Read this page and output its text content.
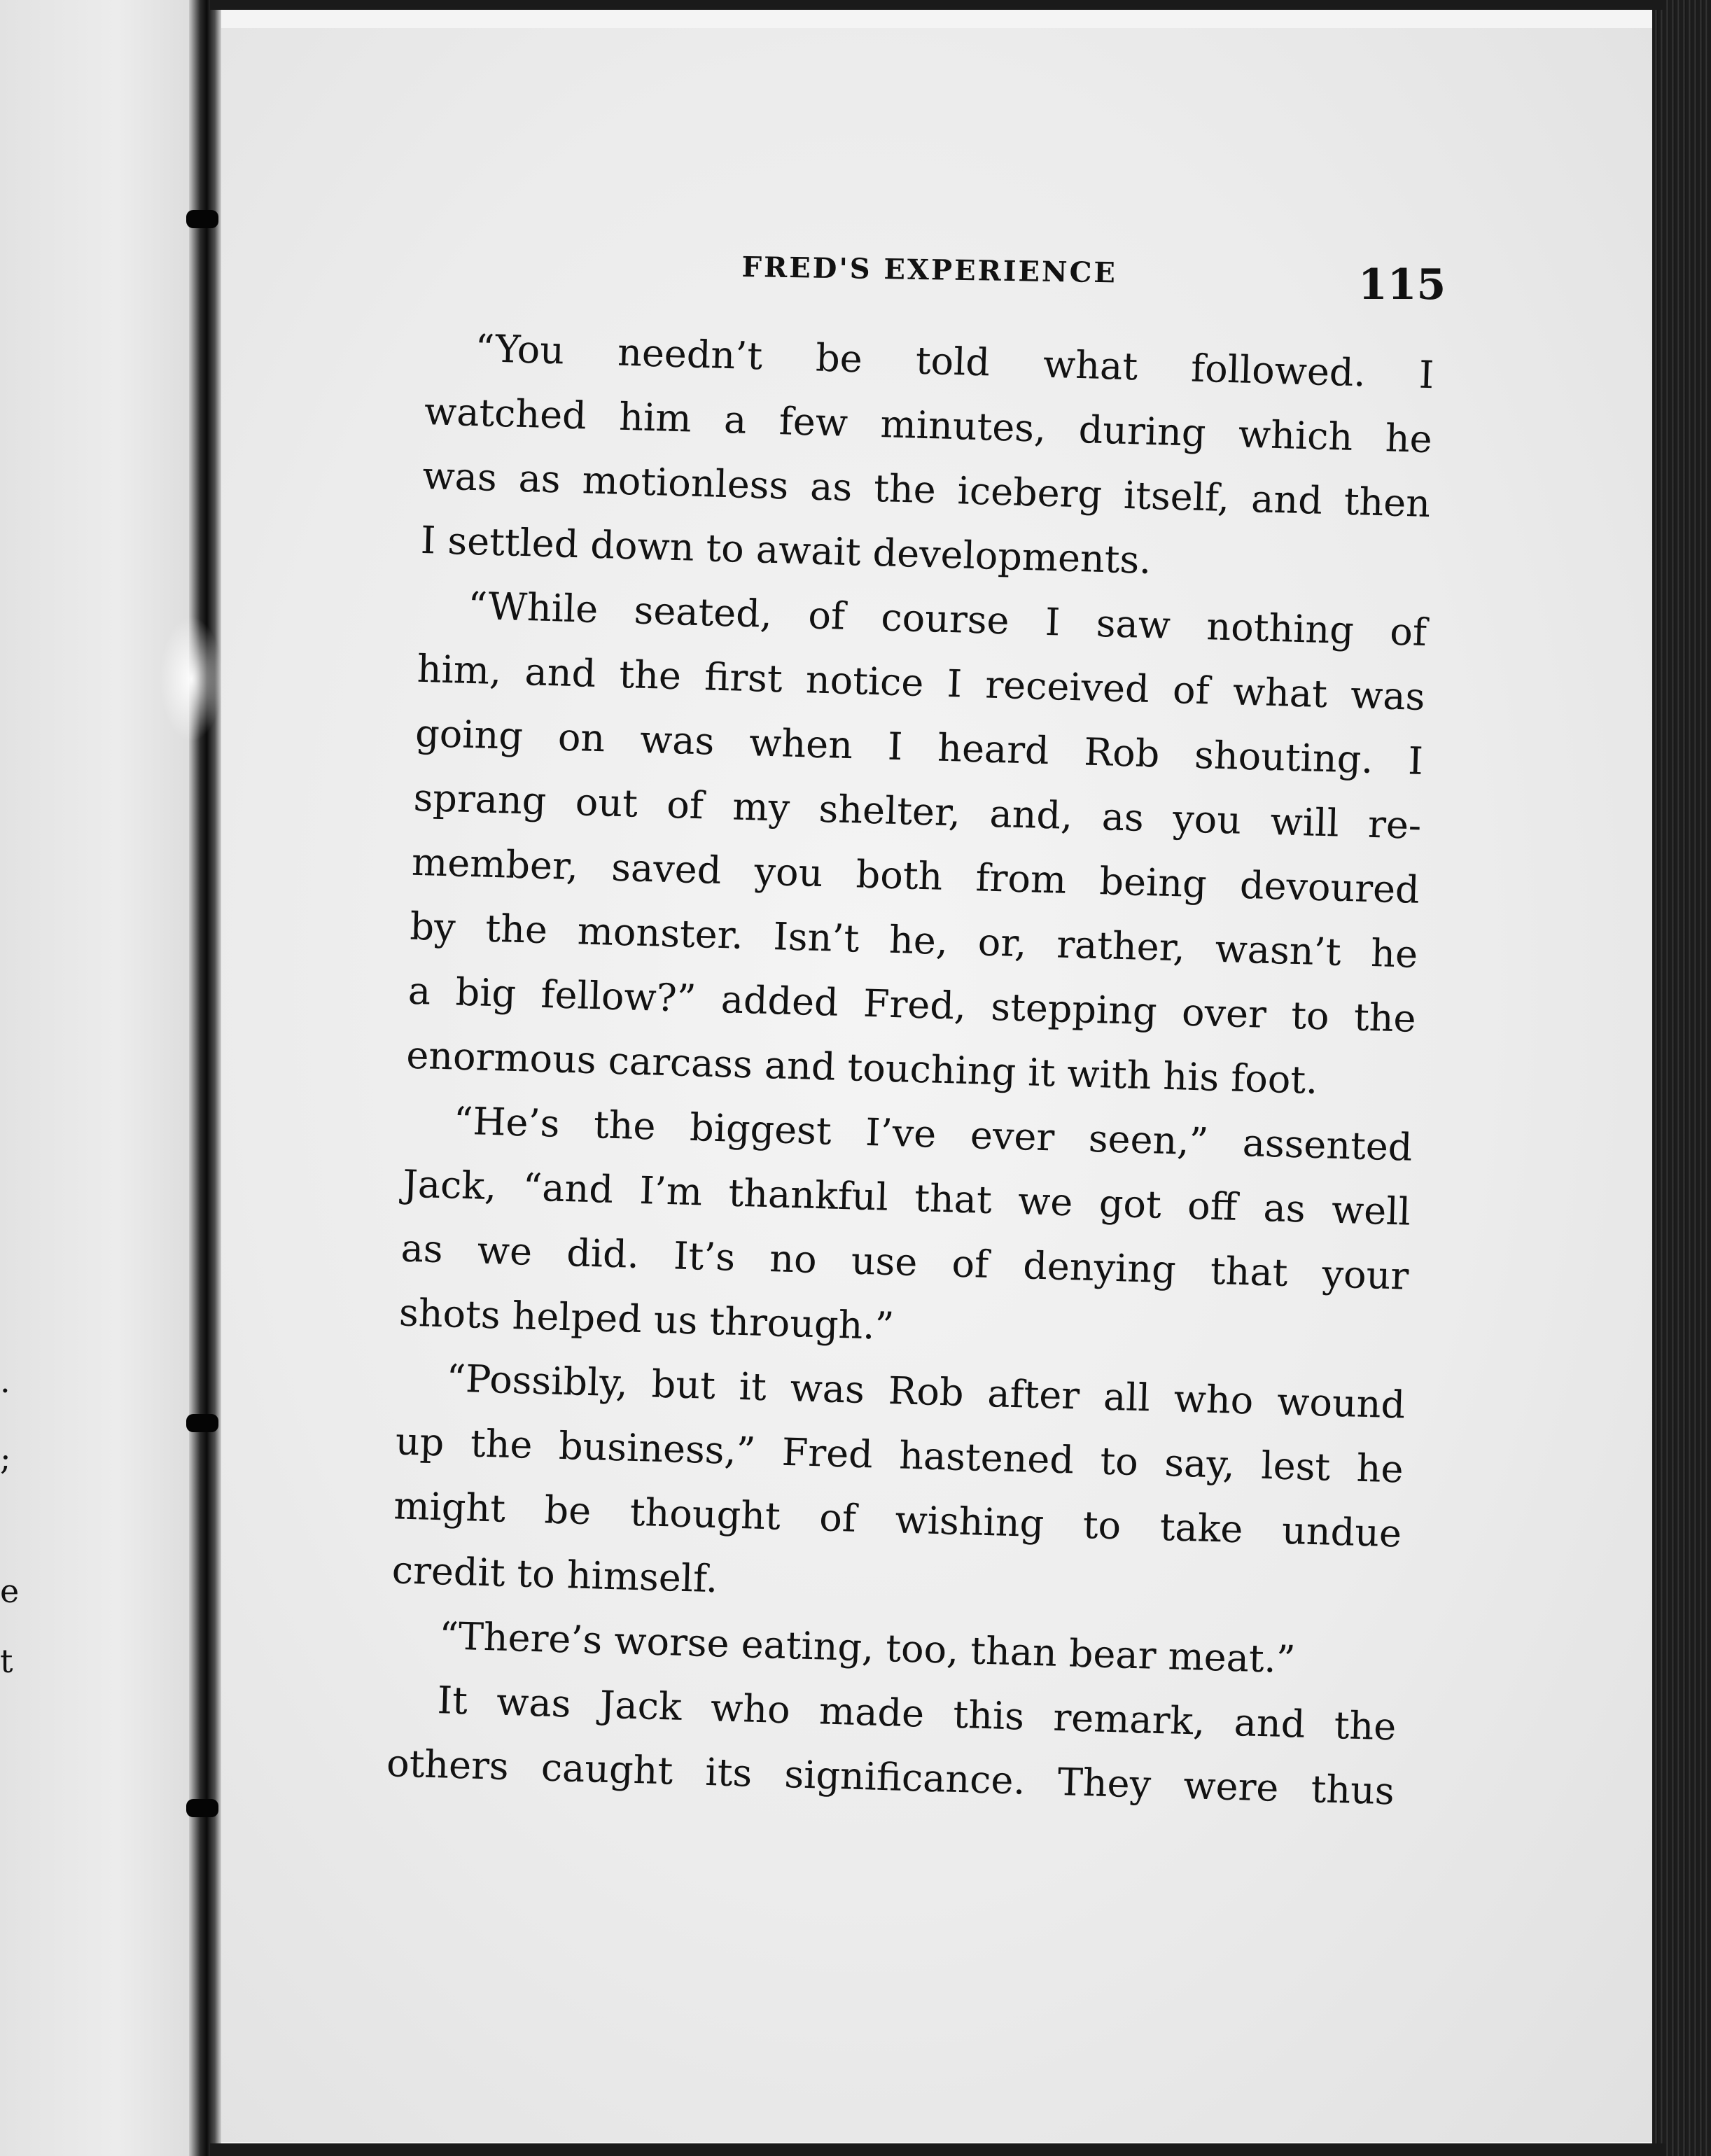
.
;
e
t
FRED'S EXPERIENCE	115
“You needn’t be told what followed. I
watched him a few minutes, during which he
was as motionless as the iceberg itself, and then
I settled down to await developments.
“While seated, of course I saw nothing of
him, and the first notice I received of what was
going on was when I heard Rob shouting. I
sprang out of my shelter, and, as you will re-
member, saved you both from being devoured
by the monster. Isn’t he, or, rather, wasn’t he
a big fellow?” added Fred, stepping over to the
enormous carcass and touching it with his foot.
“He’s the biggest I’ve ever seen,” assented
Jack, “and I’m thankful that we got off as well
as we did. It’s no use of denying that your
shots helped us through.”
“Possibly, but it was Rob after all who wound
up the business,” Fred hastened to say, lest he
might be thought of wishing to take undue
credit to himself.
“There’s worse eating, too, than bear meat.”
It was Jack who made this remark, and the
others caught its significance. They were thus
